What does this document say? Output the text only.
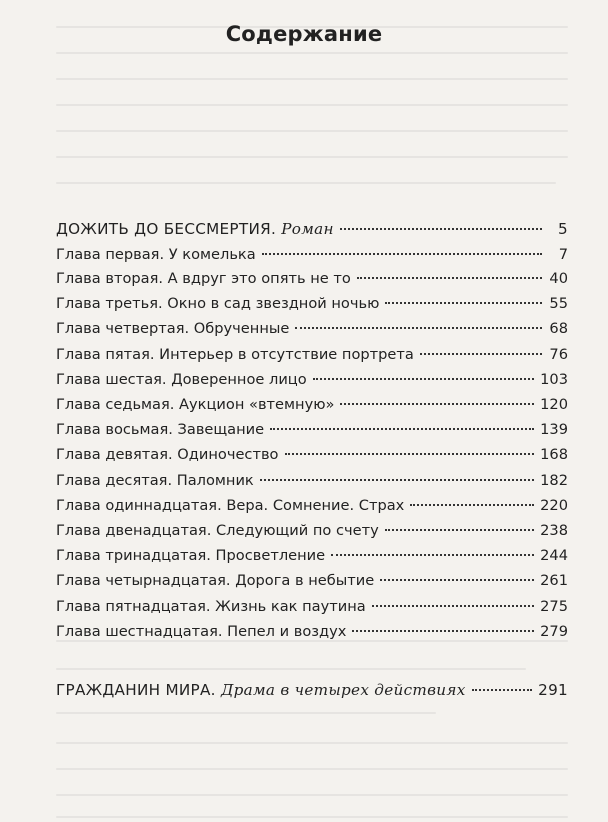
Содержание
ДОЖИТЬ ДО БЕССМЕРТИЯ. Роман	5
Глава первая. У комелька	7
Глава вторая. А вдруг это опять не то	40
Глава третья. Окно в сад звездной ночью	55
Глава четвертая. Обрученные	68
Глава пятая. Интерьер в отсутствие портрета	76
Глава шестая. Доверенное лицо	103
Глава седьмая. Аукцион «втемную»	120
Глава восьмая. Завещание	139
Глава девятая. Одиночество	168
Глава десятая. Паломник	182
Глава одиннадцатая. Вера. Сомнение. Страх	220
Глава двенадцатая. Следующий по счету	238
Глава тринадцатая. Просветление	244
Глава четырнадцатая. Дорога в небытие	261
Глава пятнадцатая. Жизнь как паутина	275
Глава шестнадцатая. Пепел и воздух	279
ГРАЖДАНИН МИРА. Драма в четырех действиях	291
